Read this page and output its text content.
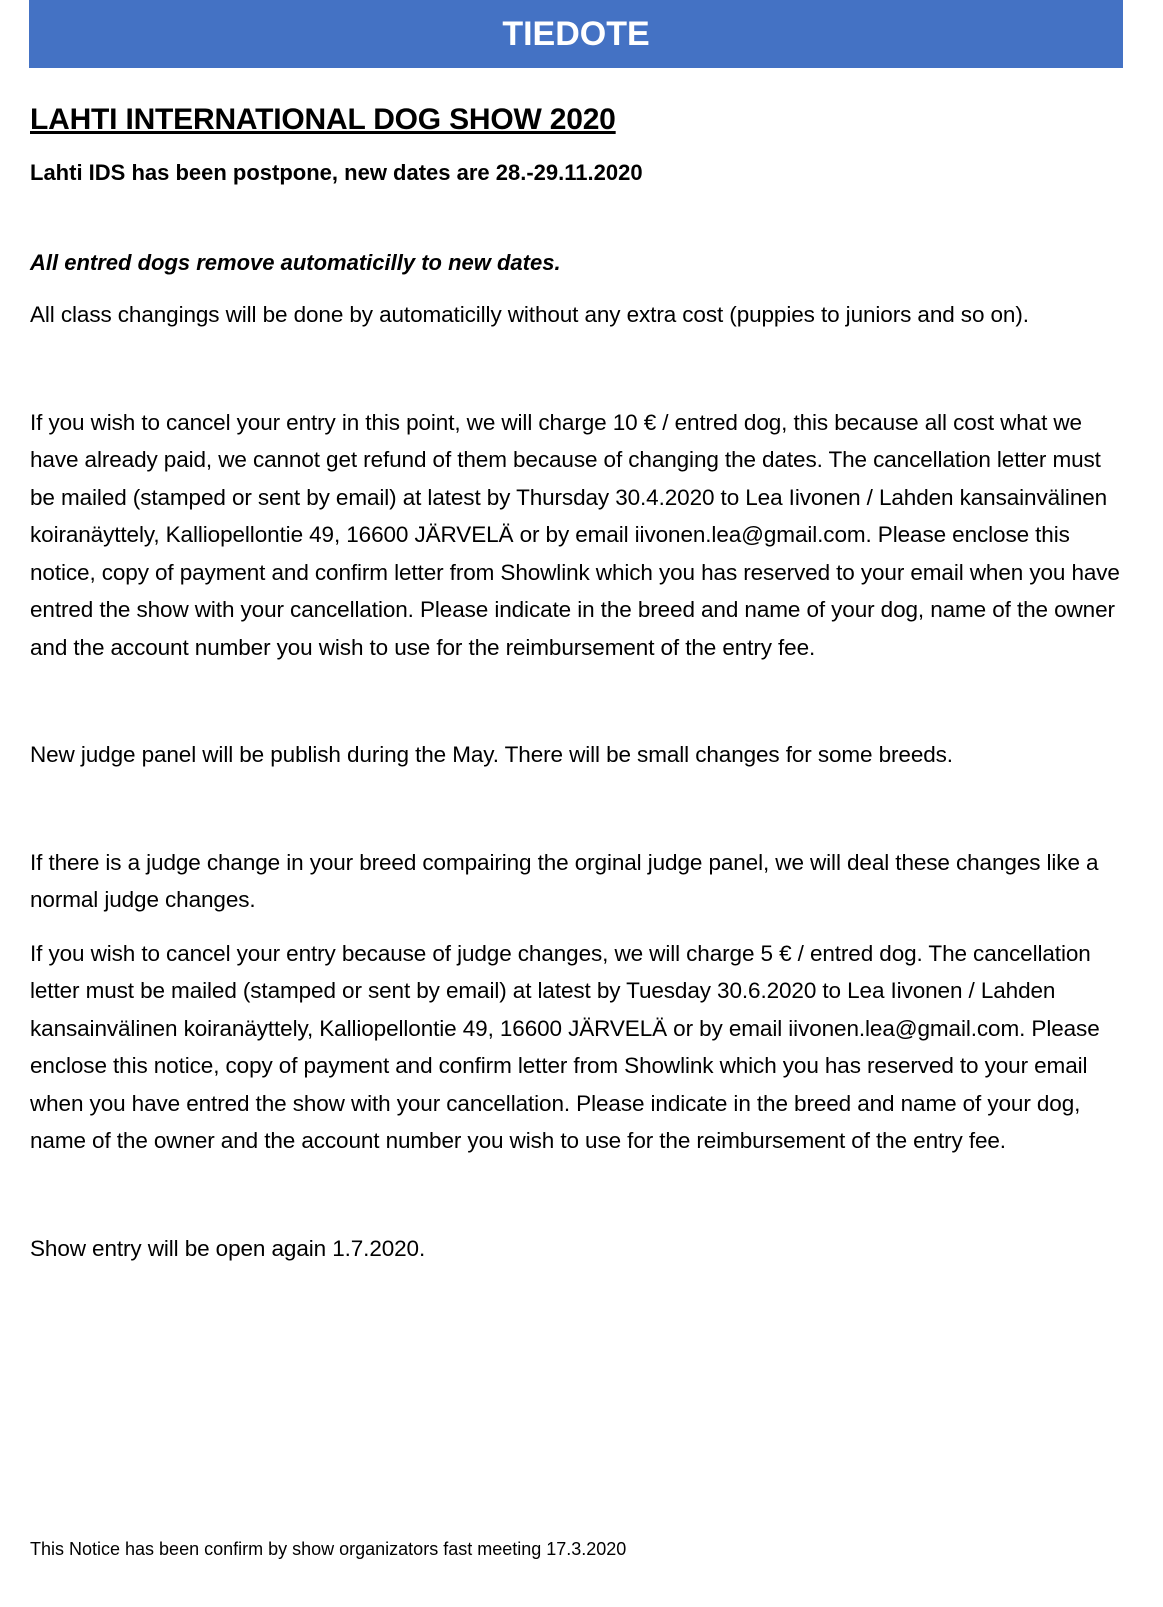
TIEDOTE
LAHTI INTERNATIONAL DOG SHOW 2020

Lahti IDS has been postpone, new dates are 28.-29.11.2020

All entred dogs remove automaticilly to new dates.

All class changings will be done by automaticilly without any extra cost (puppies to juniors and so on).

If you wish to cancel your entry in this point, we will charge 10 € / entred dog, this because all cost what we have already paid, we cannot get refund of them because of changing the dates. The cancellation letter must be mailed (stamped or sent by email) at latest by Thursday 30.4.2020 to Lea Iivonen / Lahden kansainvälinen koiranäyttely, Kalliopellontie 49, 16600 JÄRVELÄ or by email iivonen.lea@gmail.com. Please enclose this notice, copy of payment and confirm letter from Showlink which you has reserved to your email when you have entred the show with your cancellation. Please indicate in the breed and name of your dog, name of the owner and the account number you wish to use for the reimbursement of the entry fee.

New judge panel will be publish during the May. There will be small changes for some breeds.

If there is a judge change in your breed compairing the orginal judge panel, we will deal these changes like a normal judge changes.

If you wish to cancel your entry because of judge changes, we will charge 5 € / entred dog. The cancellation letter must be mailed (stamped or sent by email) at latest by Tuesday 30.6.2020 to Lea Iivonen / Lahden kansainvälinen koiranäyttely, Kalliopellontie 49, 16600 JÄRVELÄ or by email iivonen.lea@gmail.com. Please enclose this notice, copy of payment and confirm letter from Showlink which you has reserved to your email when you have entred the show with your cancellation. Please indicate in the breed and name of your dog, name of the owner and the account number you wish to use for the reimbursement of the entry fee.

Show entry will be open again 1.7.2020.

This Notice has been confirm by show organizators fast meeting 17.3.2020
